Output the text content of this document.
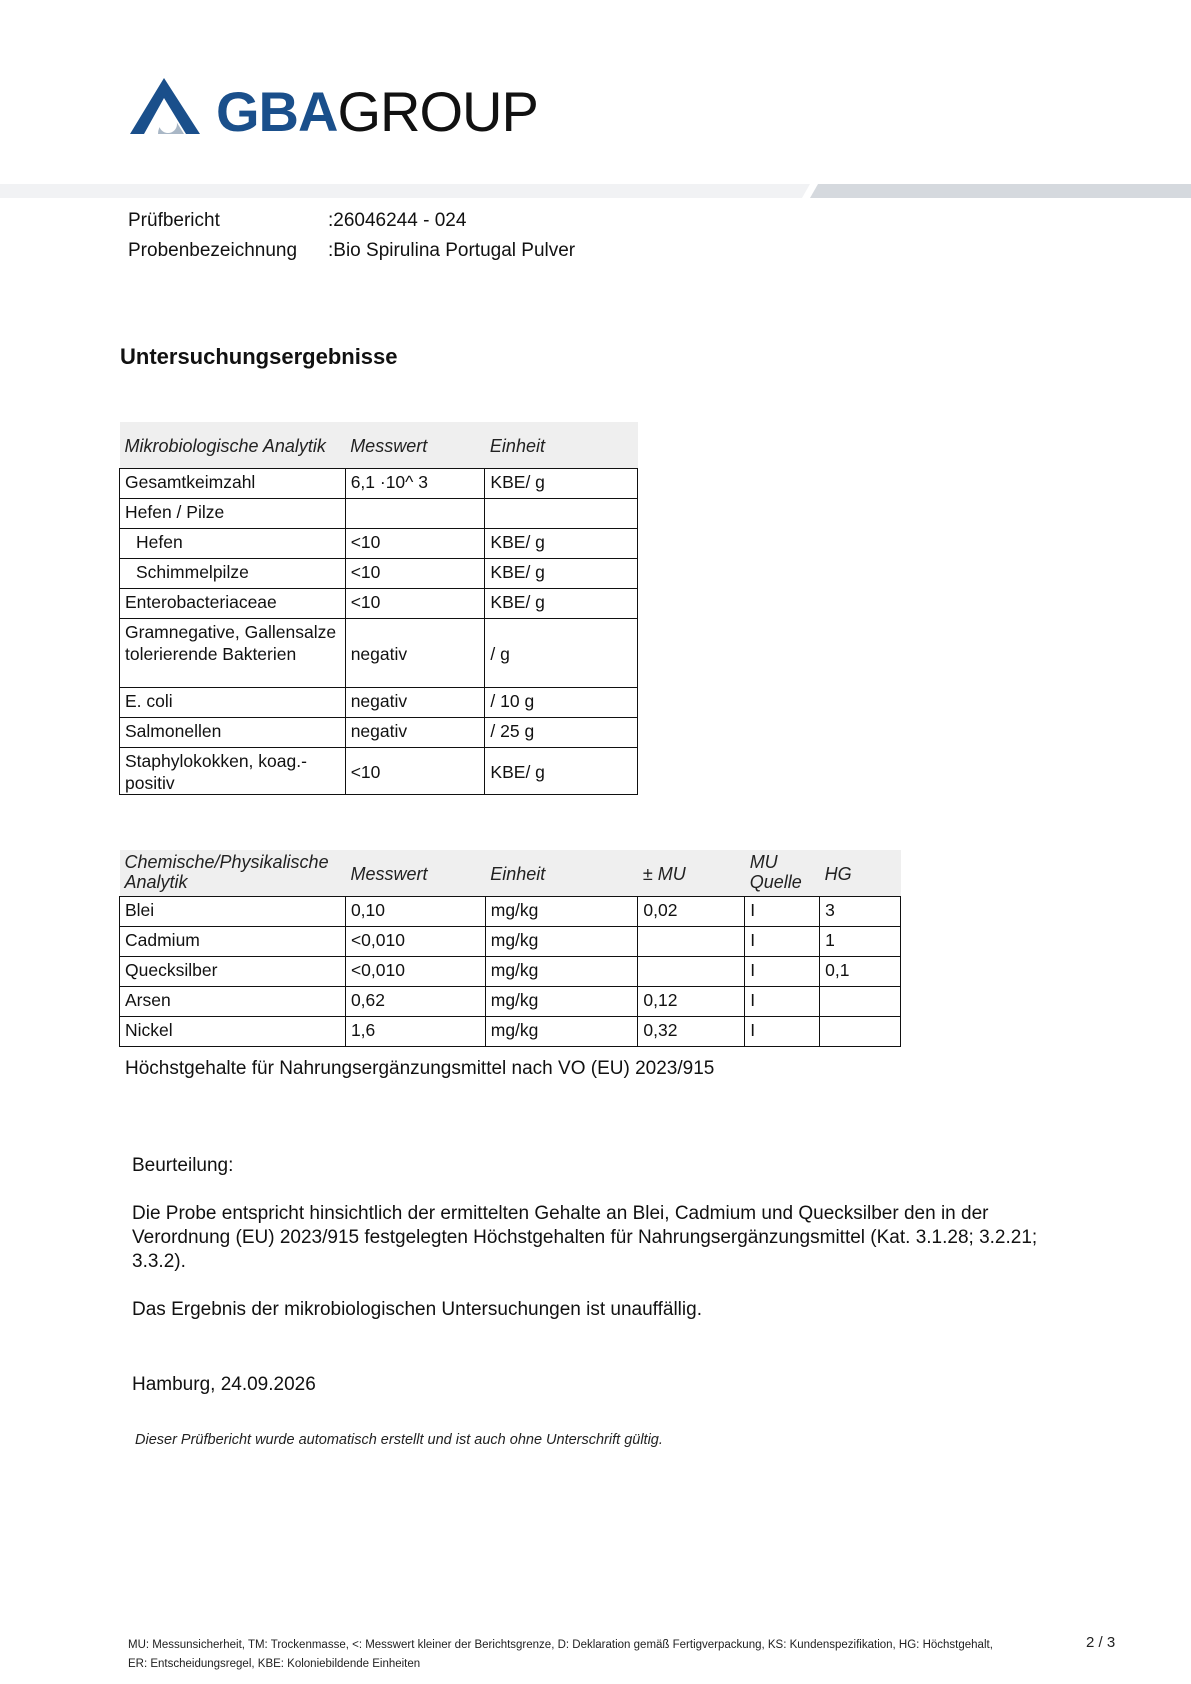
GBAGROUP
Prüfbericht	:26046244 - 024
Probenbezeichnung :Bio Spirulina Portugal Pulver
Untersuchungsergebnisse
Mikrobiologische Analytik	Messwert	Einheit
Gesamtkeimzahl	6,1 ·10^ 3	KBE/ g
Hefen / Pilze		
Hefen	<10	KBE/ g
Schimmelpilze	<10	KBE/ g
Enterobacteriaceae	<10	KBE/ g
Gramnegative, Gallensalze tolerierende Bakterien	negativ	/ g
E. coli	negativ	/ 10 g
Salmonellen	negativ	/ 25 g
Staphylokokken, koag.-positiv	<10	KBE/ g
Chemische/Physikalische Analytik	Messwert	Einheit	± MU	MU Quelle	HG
Blei	0,10	mg/kg	0,02	I	3
Cadmium	<0,010	mg/kg		I	1
Quecksilber	<0,010	mg/kg		I	0,1
Arsen	0,62	mg/kg	0,12	I	
Nickel	1,6	mg/kg	0,32	I	
Höchstgehalte für Nahrungsergänzungsmittel nach VO (EU) 2023/915
Beurteilung:
Die Probe entspricht hinsichtlich der ermittelten Gehalte an Blei, Cadmium und Quecksilber den in der Verordnung (EU) 2023/915 festgelegten Höchstgehalten für Nahrungsergänzungsmittel (Kat. 3.1.28; 3.2.21; 3.3.2).
Das Ergebnis der mikrobiologischen Untersuchungen ist unauffällig.
Hamburg, 24.09.2026
Dieser Prüfbericht wurde automatisch erstellt und ist auch ohne Unterschrift gültig.
MU: Messunsicherheit, TM: Trockenmasse, <: Messwert kleiner der Berichtsgrenze, D: Deklaration gemäß Fertigverpackung, KS: Kundenspezifikation, HG: Höchstgehalt,
ER: Entscheidungsregel, KBE: Koloniebildende Einheiten
2 / 3
